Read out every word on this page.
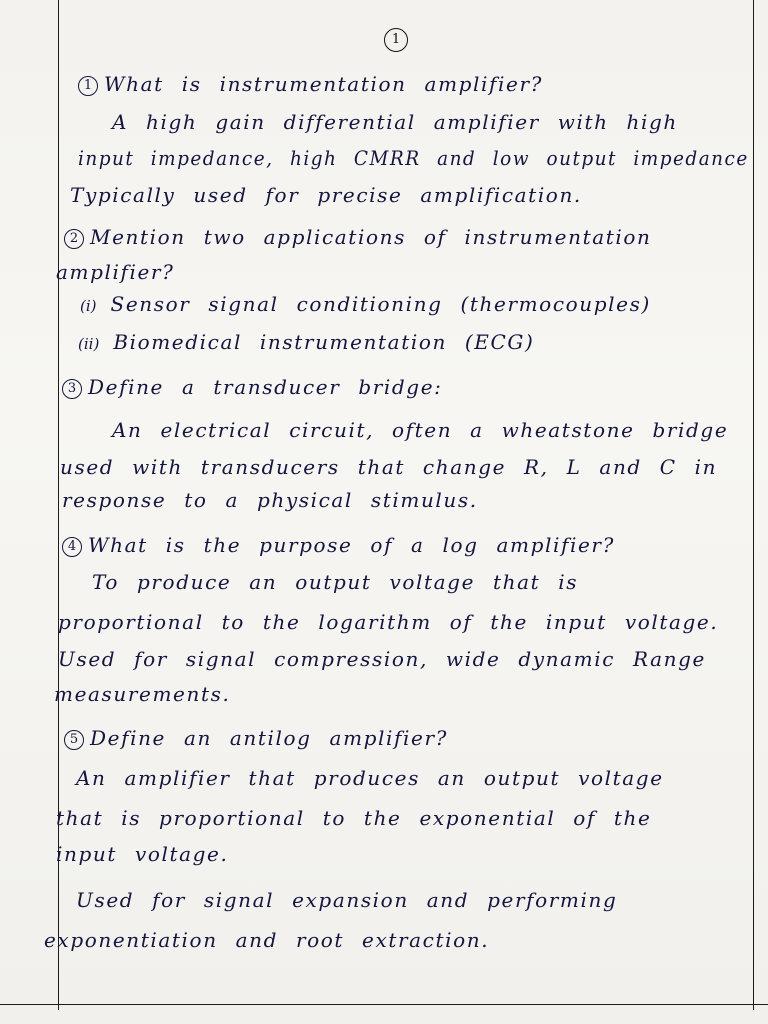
1
1 What is instrumentation amplifier?
A high gain differential amplifier with high
input impedance, high CMRR and low output impedance
Typically used for precise amplification.
2 Mention two applications of instrumentation
amplifier?
(i) Sensor signal conditioning (thermocouples)
(ii) Biomedical instrumentation (ECG)
3 Define a transducer bridge:
An electrical circuit, often a wheatstone bridge
used with transducers that change R, L and C in
response to a physical stimulus.
4 What is the purpose of a log amplifier?
To produce an output voltage that is
proportional to the logarithm of the input voltage.
Used for signal compression, wide dynamic Range
measurements.
5 Define an antilog amplifier?
An amplifier that produces an output voltage
that is proportional to the exponential of the
input voltage.
Used for signal expansion and performing
exponentiation and root extraction.
